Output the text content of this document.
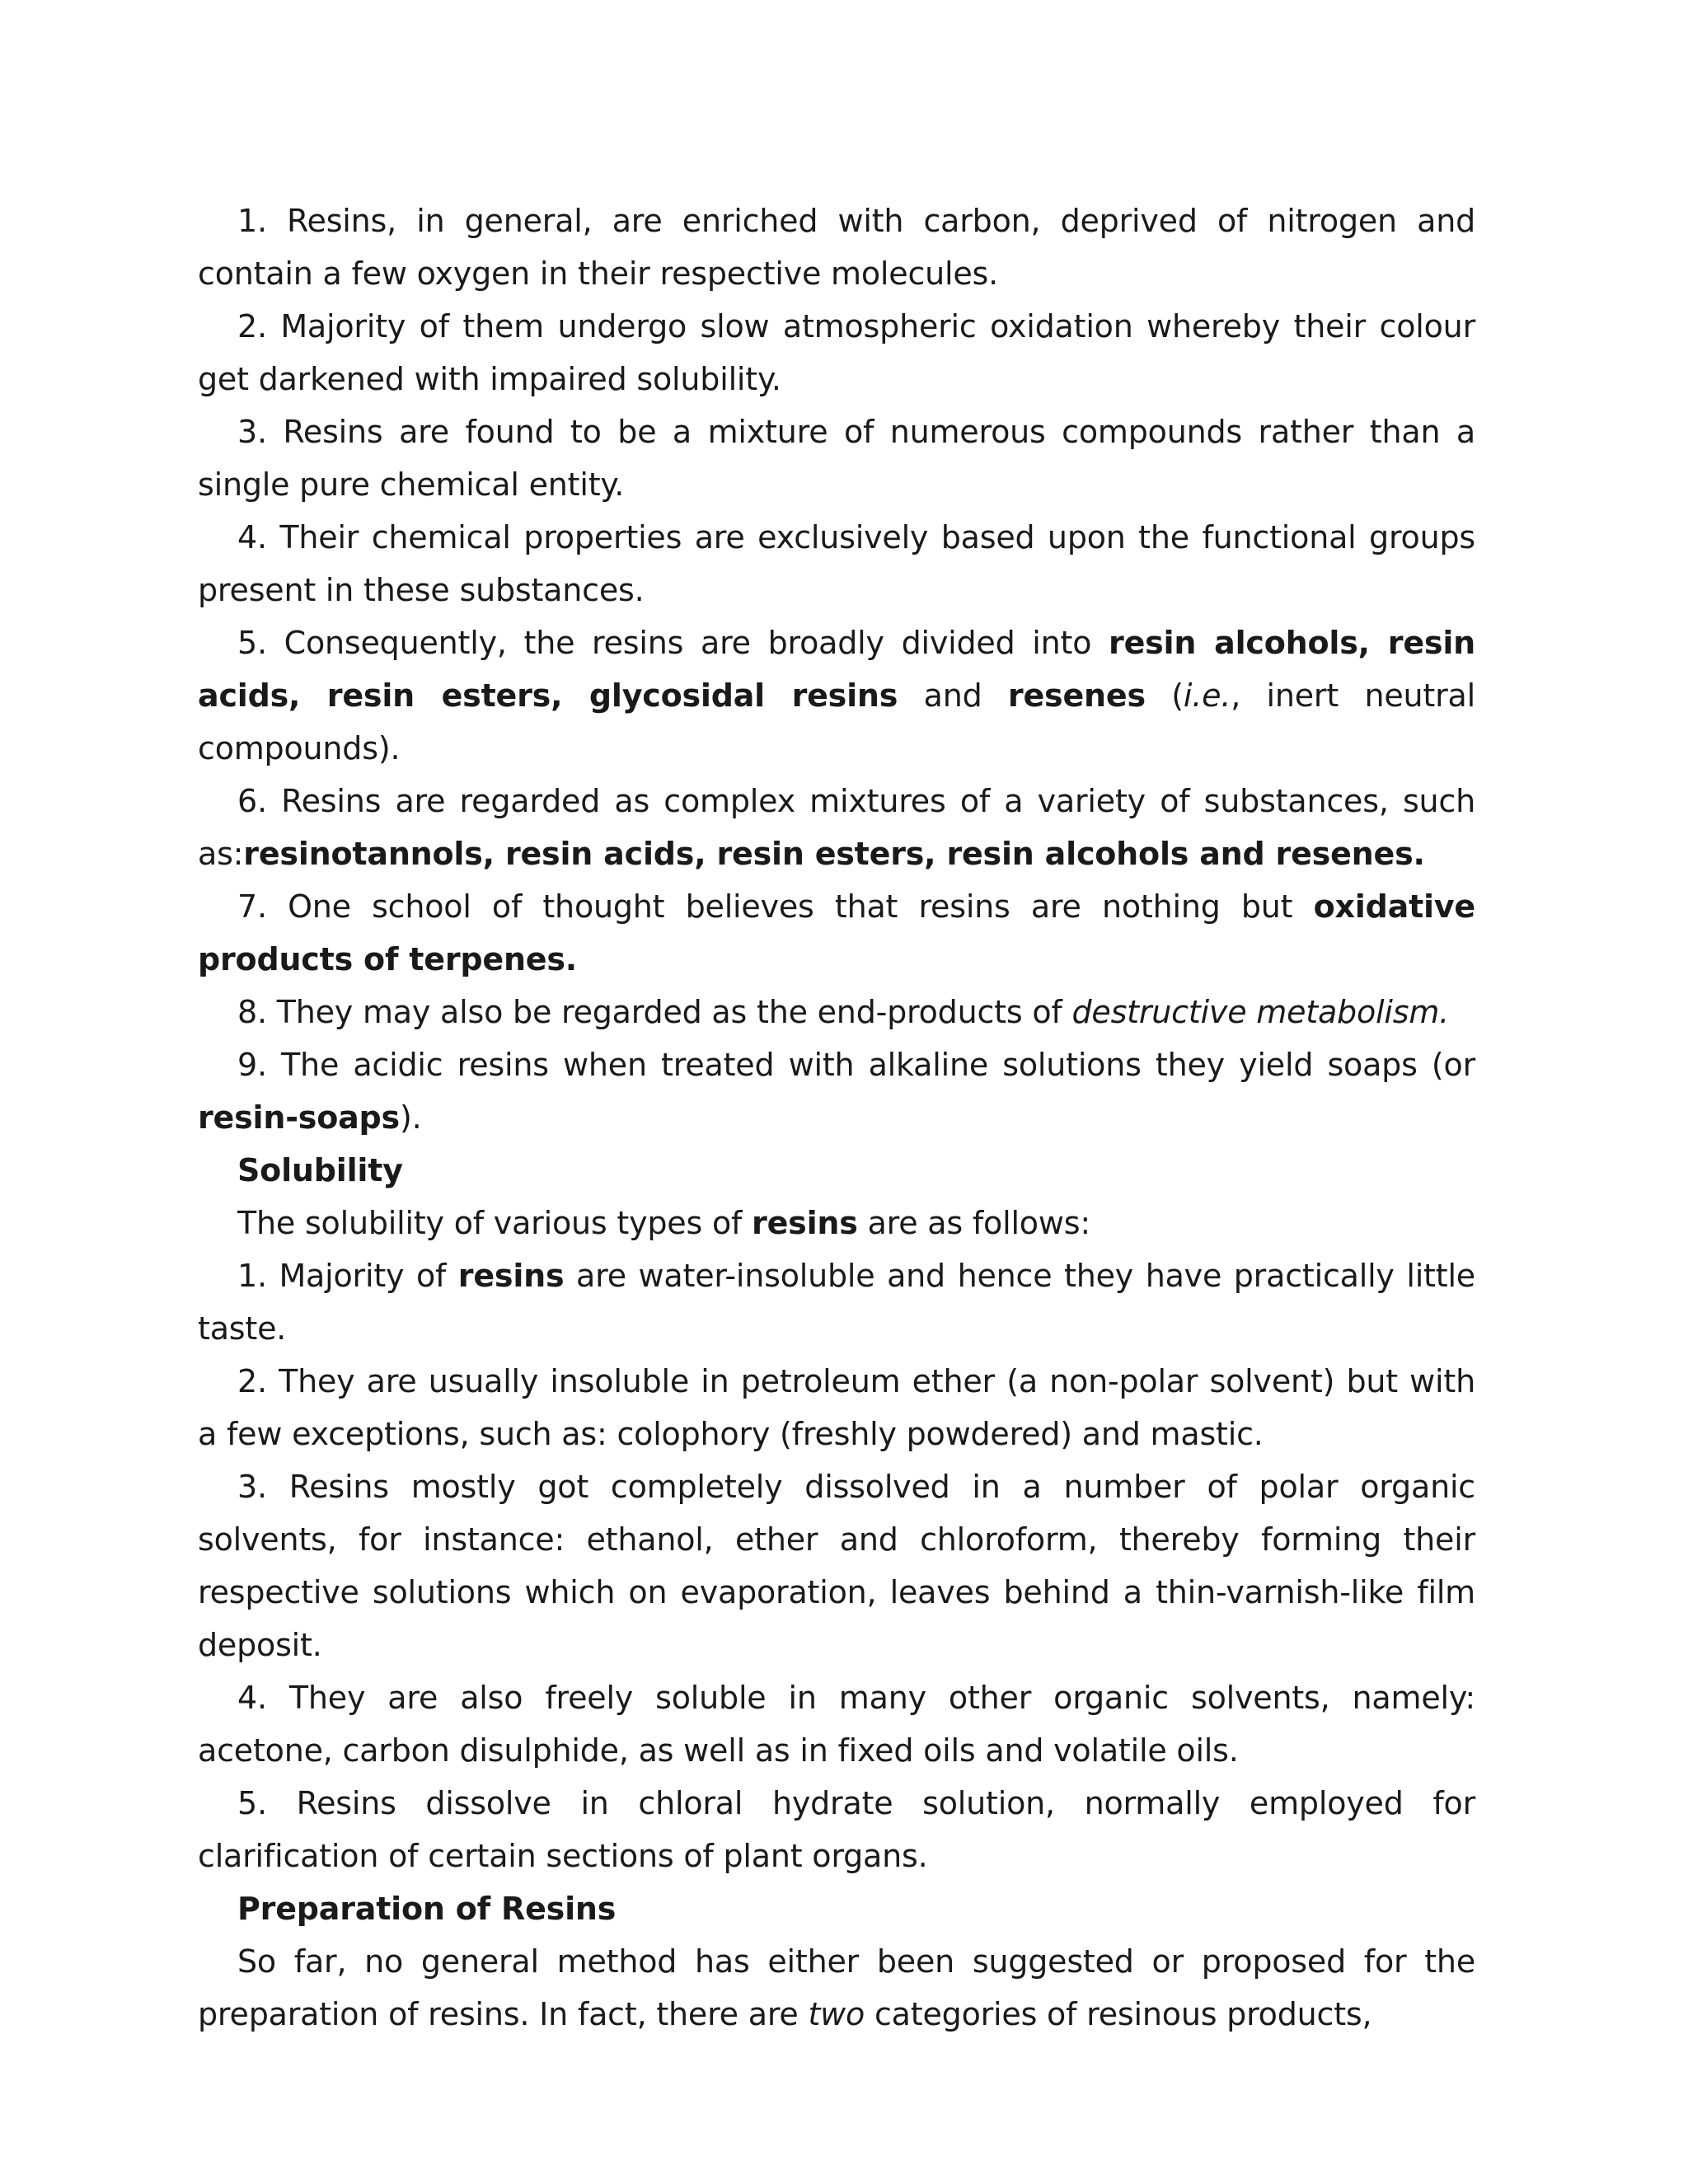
1. Resins, in general, are enriched with carbon, deprived of nitrogen and contain a few oxygen in their respective molecules.

2. Majority of them undergo slow atmospheric oxidation whereby their colour get darkened with impaired solubility.

3. Resins are found to be a mixture of numerous compounds rather than a single pure chemical entity.

4. Their chemical properties are exclusively based upon the functional groups present in these substances.

5. Consequently, the resins are broadly divided into resin alcohols, resin acids, resin esters, glycosidal resins and resenes (i.e., inert neutral compounds).

6. Resins are regarded as complex mixtures of a variety of substances, such as:resinotannols, resin acids, resin esters, resin alcohols and resenes.

7. One school of thought believes that resins are nothing but oxidative products of terpenes.

8. They may also be regarded as the end-products of destructive metabolism.

9. The acidic resins when treated with alkaline solutions they yield soaps (or resin-soaps).

Solubility

The solubility of various types of resins are as follows:

1. Majority of resins are water-insoluble and hence they have practically little taste.

2. They are usually insoluble in petroleum ether (a non-polar solvent) but with a few exceptions, such as: colophory (freshly powdered) and mastic.

3. Resins mostly got completely dissolved in a number of polar organic solvents, for instance: ethanol, ether and chloroform, thereby forming their respective solutions which on evaporation, leaves behind a thin-varnish-like film deposit.

4. They are also freely soluble in many other organic solvents, namely: acetone, carbon disulphide, as well as in fixed oils and volatile oils.

5. Resins dissolve in chloral hydrate solution, normally employed for clarification of certain sections of plant organs.

Preparation of Resins

So far, no general method has either been suggested or proposed for the preparation of resins. In fact, there are two categories of resinous products,
